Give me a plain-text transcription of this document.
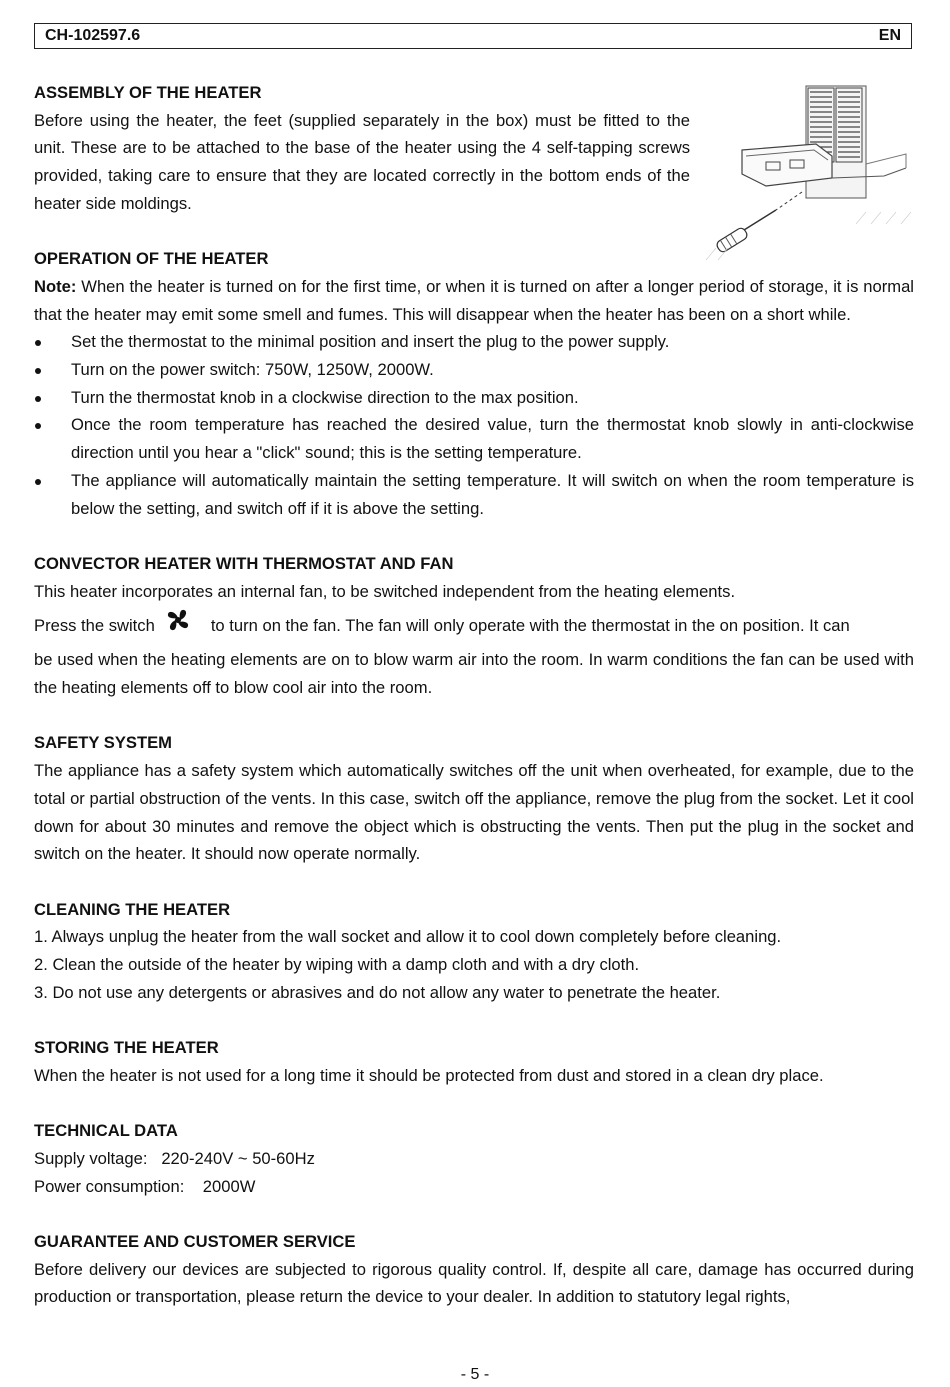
CH-102597.6	EN

ASSEMBLY OF THE HEATER

Before using the heater, the feet (supplied separately in the box) must be fitted to the unit. These are to be attached to the base of the heater using the 4 self-tapping screws provided, taking care to ensure that they are located correctly in the bottom ends of the heater side moldings.

OPERATION OF THE HEATER

Note: When the heater is turned on for the first time, or when it is turned on after a longer period of storage, it is normal that the heater may emit some smell and fumes. This will disappear when the heater has been on a short while.

Set the thermostat to the minimal position and insert the plug to the power supply.
Turn on the power switch: 750W, 1250W, 2000W.
Turn the thermostat knob in a clockwise direction to the max position.
Once the room temperature has reached the desired value, turn the thermostat knob slowly in anti-clockwise direction until you hear a "click" sound; this is the setting temperature.
The appliance will automatically maintain the setting temperature. It will switch on when the room temperature is below the setting, and switch off if it is above the setting.

CONVECTOR HEATER WITH THERMOSTAT AND FAN

This heater incorporates an internal fan, to be switched independent from the heating elements.

Press the switch	to turn on the fan. The fan will only operate with the thermostat in the on position. It can

be used when the heating elements are on to blow warm air into the room. In warm conditions the fan can be used with the heating elements off to blow cool air into the room.

SAFETY SYSTEM

The appliance has a safety system which automatically switches off the unit when overheated, for example, due to the total or partial obstruction of the vents. In this case, switch off the appliance, remove the plug from the socket. Let it cool down for about 30 minutes and remove the object which is obstructing the vents. Then put the plug in the socket and switch on the heater. It should now operate normally.

CLEANING THE HEATER

1. Always unplug the heater from the wall socket and allow it to cool down completely before cleaning.

2. Clean the outside of the heater by wiping with a damp cloth and with a dry cloth.

3. Do not use any detergents or abrasives and do not allow any water to penetrate the heater.

STORING THE HEATER

When the heater is not used for a long time it should be protected from dust and stored in a clean dry place.

TECHNICAL DATA

Supply voltage: 220-240V ~ 50-60Hz
Power consumption: 2000W

GUARANTEE AND CUSTOMER SERVICE

Before delivery our devices are subjected to rigorous quality control. If, despite all care, damage has occurred during production or transportation, please return the device to your dealer. In addition to statutory legal rights,

- 5 -
